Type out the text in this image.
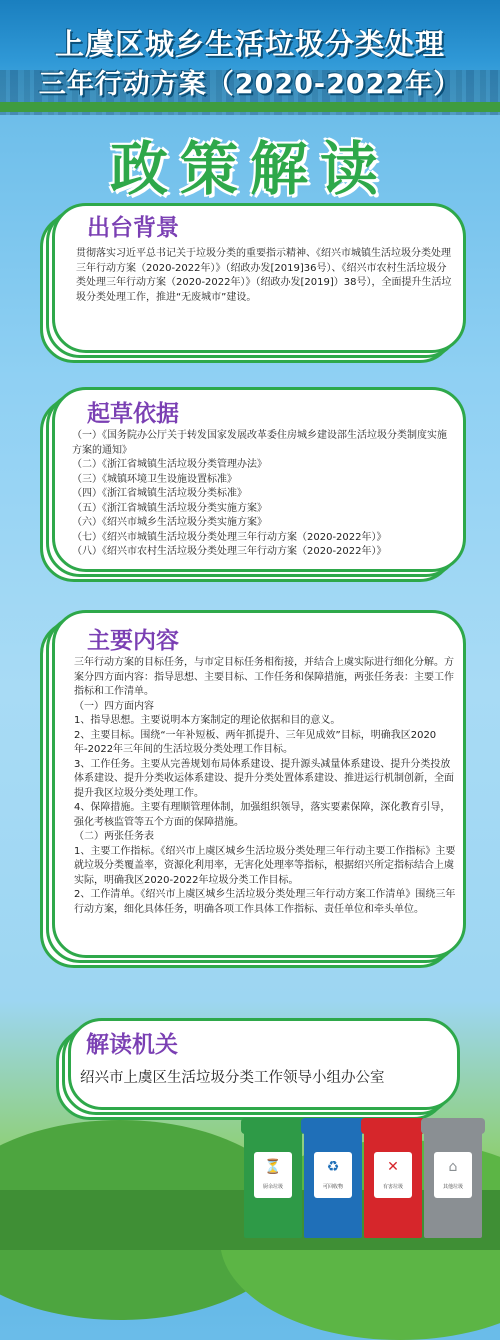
上虞区城乡生活垃圾分类处理
三年行动方案（2020-2022年）
政策解读
出台背景
贯彻落实习近平总书记关于垃圾分类的重要指示精神、《绍兴市城镇生活垃圾分类处理三年行动方案（2020-2022年）》（绍政办发[2019]36号）、《绍兴市农村生活垃圾分类处理三年行动方案（2020-2022年）》（绍政办发[2019]）38号），全面提升生活垃圾分类处理工作，推进“无废城市”建设。
起草依据

（一）《国务院办公厅关于转发国家发展改革委住房城乡建设部生活垃圾分类制度实施方案的通知》

（二）《浙江省城镇生活垃圾分类管理办法》

（三）《城镇环境卫生设施设置标准》

（四）《浙江省城镇生活垃圾分类标准》

（五）《浙江省城镇生活垃圾分类实施方案》

（六）《绍兴市城乡生活垃圾分类实施方案》

（七）《绍兴市城镇生活垃圾分类处理三年行动方案（2020-2022年）》

（八）《绍兴市农村生活垃圾分类处理三年行动方案（2020-2022年）》

主要内容

三年行动方案的目标任务，与市定目标任务相衔接，并结合上虞实际进行细化分解。方案分四方面内容：指导思想、主要目标、工作任务和保障措施，两张任务表：主要工作指标和工作清单。

（一）四方面内容

1、指导思想。主要说明本方案制定的理论依据和目的意义。

2、主要目标。围绕“一年补短板、两年抓提升、三年见成效”目标，明确我区2020年-2022年三年间的生活垃圾分类处理工作目标。

3、工作任务。主要从完善规划布局体系建设、提升源头减量体系建设、提升分类投放体系建设、提升分类收运体系建设、提升分类处置体系建设、推进运行机制创新，全面提升我区垃圾分类处理工作。

4、保障措施。主要有理顺管理体制，加强组织领导，落实要素保障，深化教育引导，强化考核监管等五个方面的保障措施。

（二）两张任务表

1、主要工作指标。《绍兴市上虞区城乡生活垃圾分类处理三年行动主要工作指标》主要就垃圾分类覆盖率，资源化利用率，无害化处理率等指标，根据绍兴所定指标结合上虞实际，明确我区2020-2022年垃圾分类工作目标。

2、工作清单。《绍兴市上虞区城乡生活垃圾分类处理三年行动方案工作清单》围绕三年行动方案，细化具体任务，明确各项工作具体工作指标、责任单位和牵头单位。

解读机关
绍兴市上虞区生活垃圾分类工作领导小组办公室
⏳
厨余垃圾
♻
可回收物
✕
有害垃圾
⌂
其他垃圾
